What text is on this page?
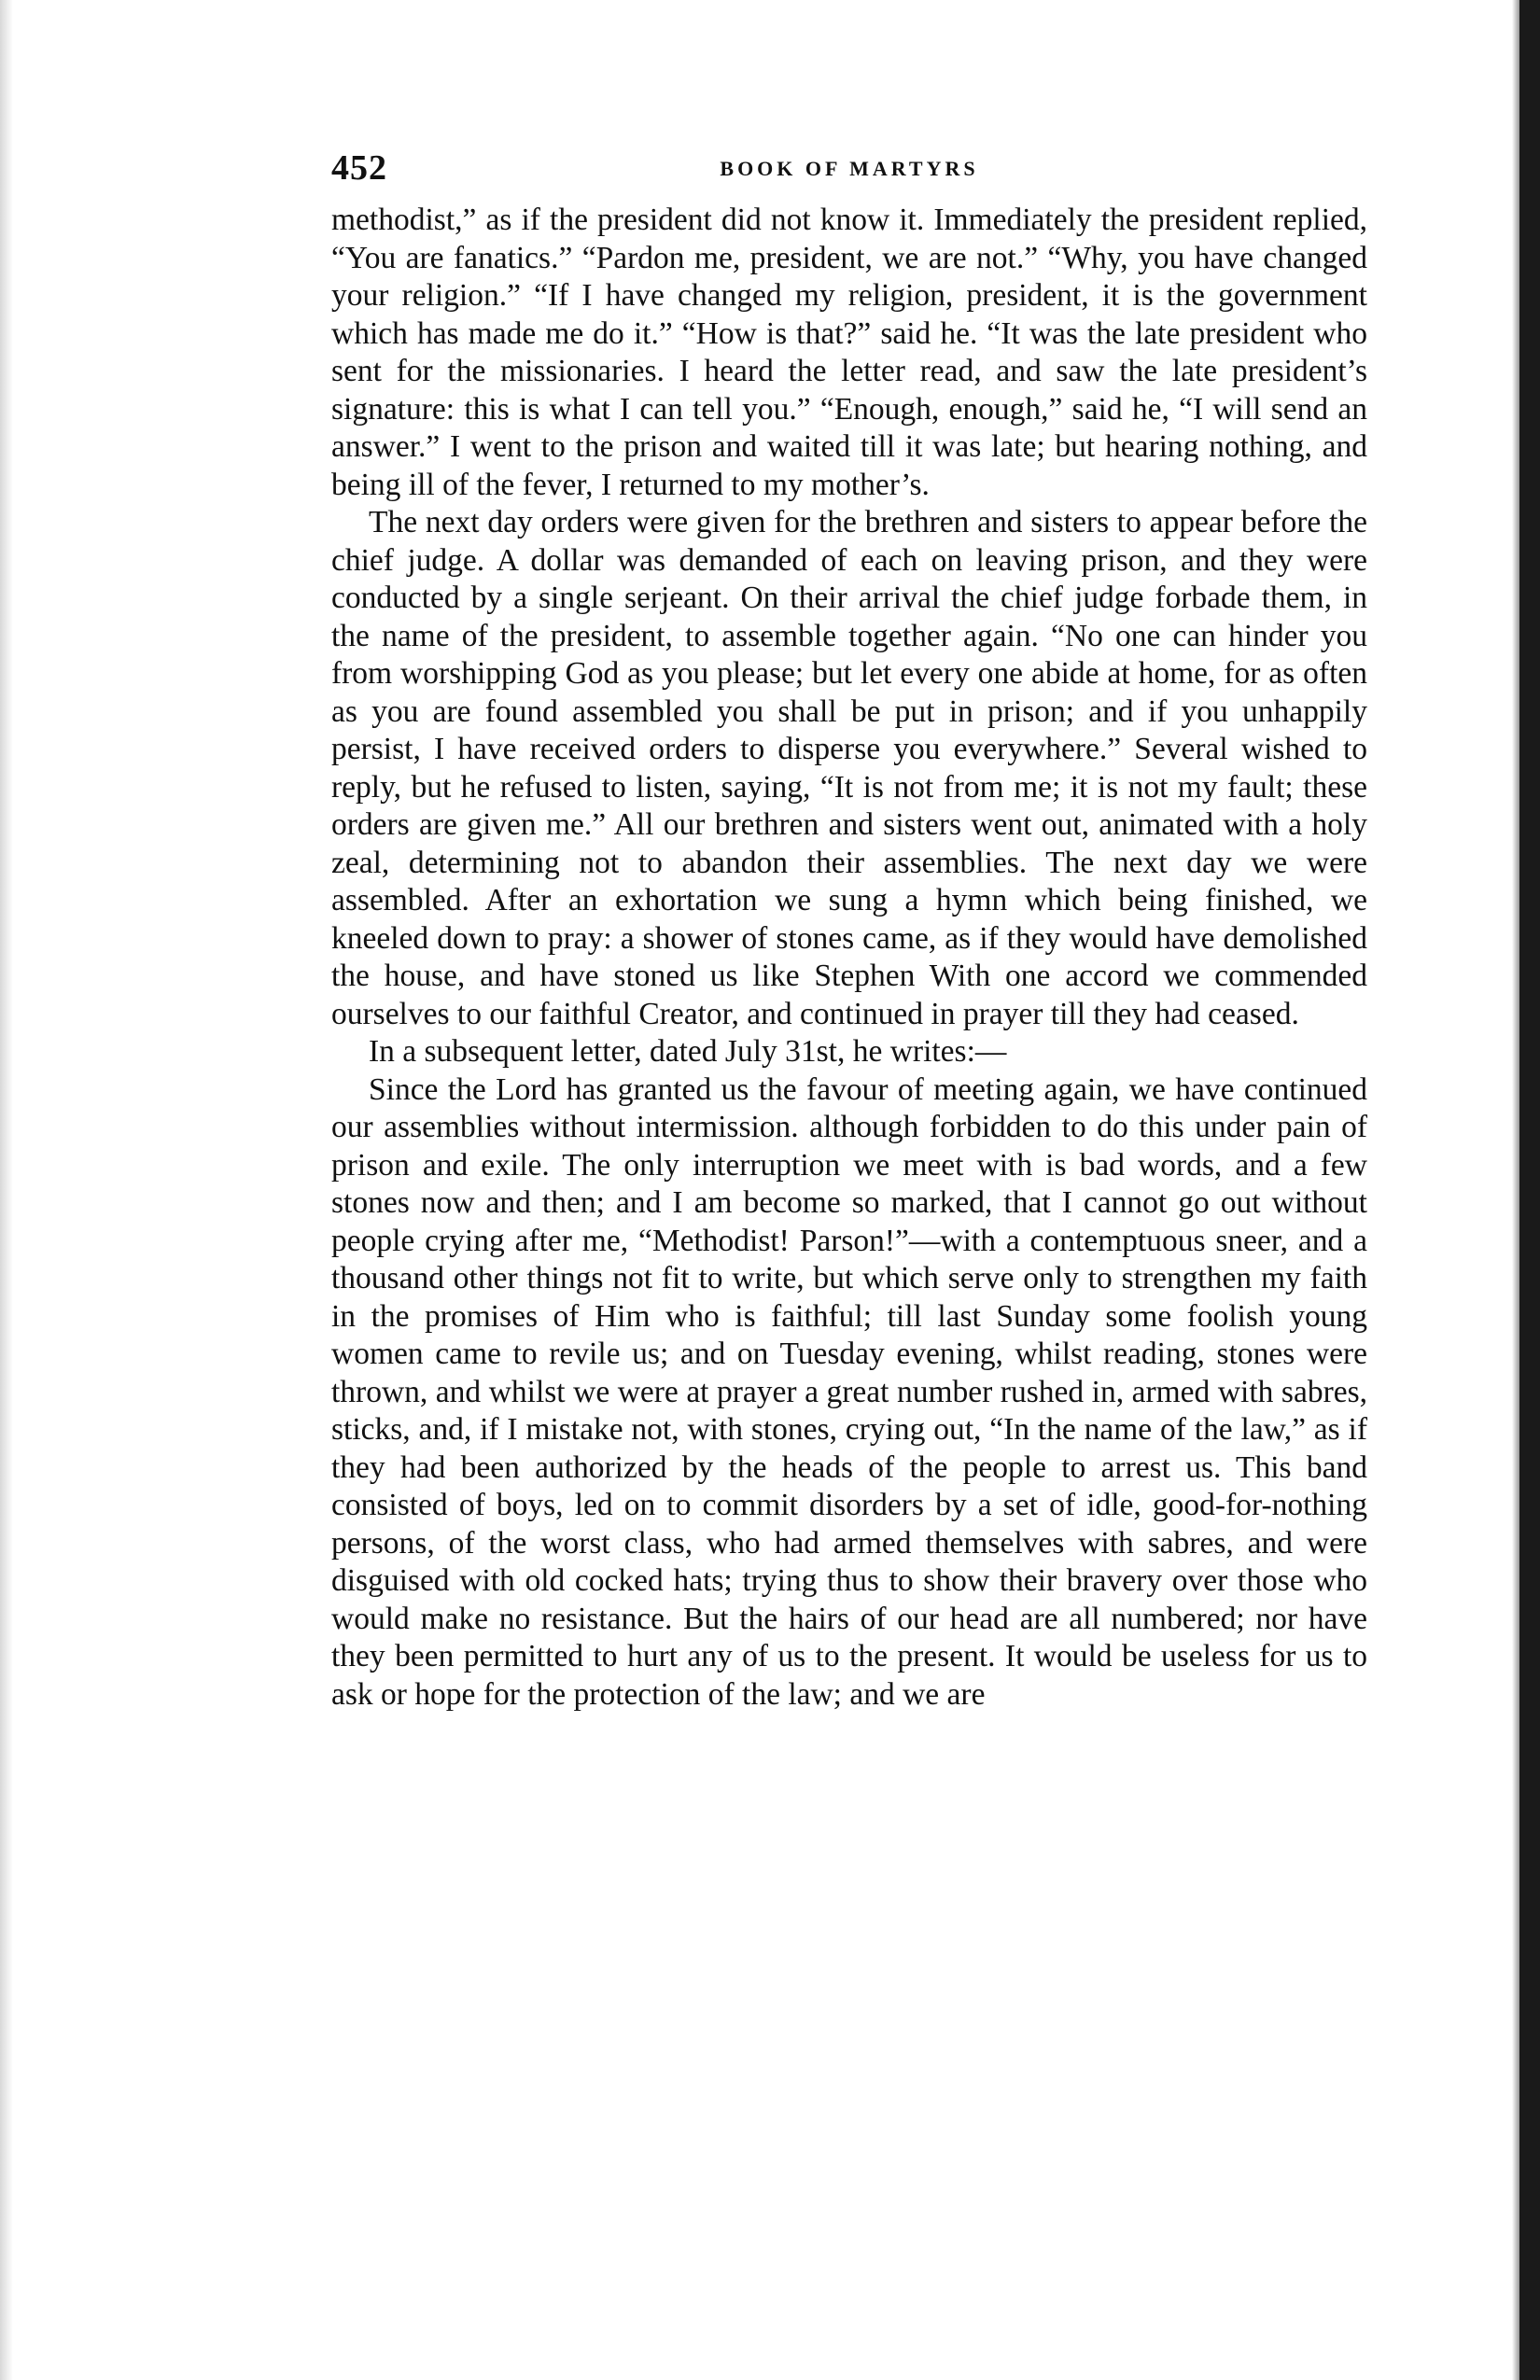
452	BOOK OF MARTYRS

methodist,” as if the president did not know it. Immediately the president replied, “You are fanatics.” “Pardon me, president, we are not.” “Why, you have changed your religion.” “If I have changed my religion, president, it is the government which has made me do it.” “How is that?” said he. “It was the late president who sent for the missionaries. I heard the letter read, and saw the late president’s signature: this is what I can tell you.” “Enough, enough,” said he, “I will send an answer.” I went to the prison and waited till it was late; but hearing nothing, and being ill of the fever, I returned to my mother’s.

The next day orders were given for the brethren and sisters to appear before the chief judge. A dollar was demanded of each on leaving prison, and they were conducted by a single serjeant. On their arrival the chief judge forbade them, in the name of the president, to assemble together again. “No one can hinder you from worshipping God as you please; but let every one abide at home, for as often as you are found assembled you shall be put in prison; and if you unhappily persist, I have received orders to disperse you everywhere.” Several wished to reply, but he refused to listen, saying, “It is not from me; it is not my fault; these orders are given me.” All our brethren and sisters went out, animated with a holy zeal, determining not to abandon their assemblies. The next day we were assembled. After an exhortation we sung a hymn which being finished, we kneeled down to pray: a shower of stones came, as if they would have demolished the house, and have stoned us like Stephen With one accord we commended ourselves to our faithful Creator, and continued in prayer till they had ceased.

In a subsequent letter, dated July 31st, he writes:—

Since the Lord has granted us the favour of meeting again, we have continued our assemblies without intermission. although forbidden to do this under pain of prison and exile. The only interruption we meet with is bad words, and a few stones now and then; and I am become so marked, that I cannot go out without people crying after me, “Methodist! Parson!”—with a contemptuous sneer, and a thousand other things not fit to write, but which serve only to strengthen my faith in the promises of Him who is faithful; till last Sunday some foolish young women came to revile us; and on Tuesday evening, whilst reading, stones were thrown, and whilst we were at prayer a great number rushed in, armed with sabres, sticks, and, if I mistake not, with stones, crying out, “In the name of the law,” as if they had been authorized by the heads of the people to arrest us. This band consisted of boys, led on to commit disorders by a set of idle, good-for-nothing persons, of the worst class, who had armed themselves with sabres, and were disguised with old cocked hats; trying thus to show their bravery over those who would make no resistance. But the hairs of our head are all numbered; nor have they been permitted to hurt any of us to the present. It would be useless for us to ask or hope for the protection of the law; and we are
